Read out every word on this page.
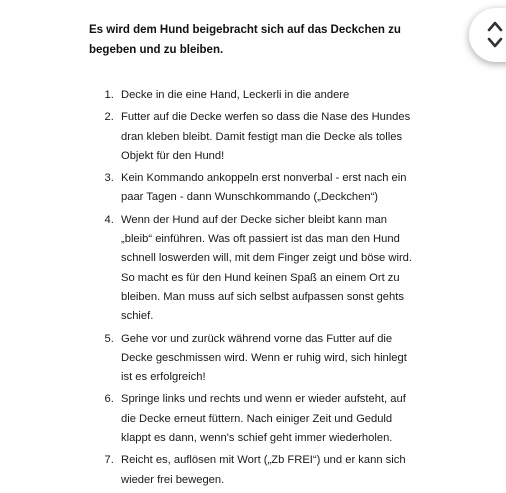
Es wird dem Hund beigebracht sich auf das Deckchen zu begeben und zu bleiben.

1. Decke in die eine Hand, Leckerli in die andere
2. Futter auf die Decke werfen so dass die Nase des Hundes dran kleben bleibt. Damit festigt man die Decke als tolles Objekt für den Hund!
3. Kein Kommando ankoppeln erst nonverbal - erst nach ein paar Tagen - dann Wunschkommando („Deckchen“)
4. Wenn der Hund auf der Decke sicher bleibt kann man „bleib“ einführen. Was oft passiert ist das man den Hund schnell loswerden will, mit dem Finger zeigt und böse wird. So macht es für den Hund keinen Spaß an einem Ort zu bleiben. Man muss auf sich selbst aufpassen sonst gehts schief.
5. Gehe vor und zurück während vorne das Futter auf die Decke geschmissen wird. Wenn er ruhig wird, sich hinlegt ist es erfolgreich!
6. Springe links und rechts und wenn er wieder aufsteht, auf die Decke erneut füttern. Nach einiger Zeit und Geduld klappt es dann, wenn's schief geht immer wiederholen.
7. Reicht es, auflösen mit Wort („Zb FREI“) und er kann sich wieder frei bewegen.
